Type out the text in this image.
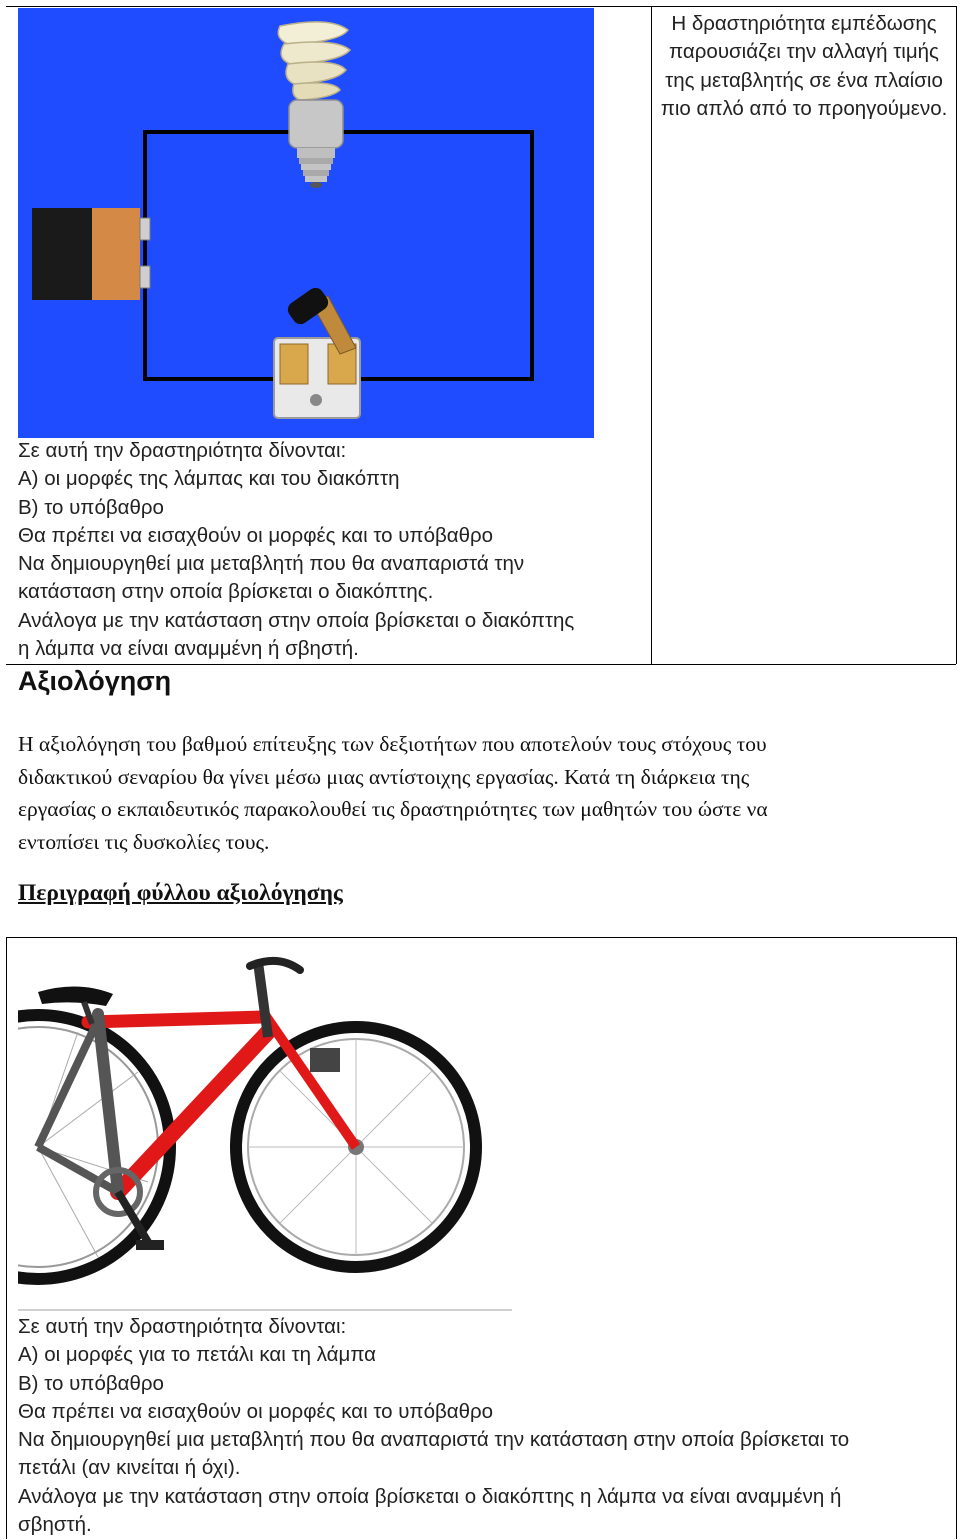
Η δραστηριότητα εμπέδωσης παρουσιάζει την αλλαγή τιμής της μεταβλητής σε ένα πλαίσιο πιο απλό από το προηγούμενο.
Σε αυτή την δραστηριότητα δίνονται:
Α) οι μορφές της λάμπας και του διακόπτη
Β) το υπόβαθρο
Θα πρέπει να εισαχθούν οι μορφές και το υπόβαθρο
Να δημιουργηθεί μια μεταβλητή που θα αναπαριστά την
κατάσταση στην οποία βρίσκεται ο διακόπτης.
Ανάλογα με την κατάσταση στην οποία βρίσκεται ο διακόπτης
η λάμπα να είναι αναμμένη ή σβηστή.
Αξιολόγηση
Η αξιολόγηση του βαθμού επίτευξης των δεξιοτήτων που αποτελούν τους στόχους του
διδακτικού σεναρίου θα γίνει μέσω μιας αντίστοιχης εργασίας. Κατά τη διάρκεια της
εργασίας ο εκπαιδευτικός παρακολουθεί τις δραστηριότητες των μαθητών του ώστε να
εντοπίσει τις δυσκολίες τους.
Περιγραφή φύλλου αξιολόγησης
Σε αυτή την δραστηριότητα δίνονται:
Α) οι μορφές για το πετάλι και τη λάμπα
Β) το υπόβαθρο
Θα πρέπει να εισαχθούν οι μορφές και το υπόβαθρο
Να δημιουργηθεί μια μεταβλητή που θα αναπαριστά την κατάσταση στην οποία βρίσκεται το
πετάλι (αν κινείται ή όχι).
Ανάλογα με την κατάσταση στην οποία βρίσκεται ο διακόπτης η λάμπα να είναι αναμμένη ή
σβηστή.
